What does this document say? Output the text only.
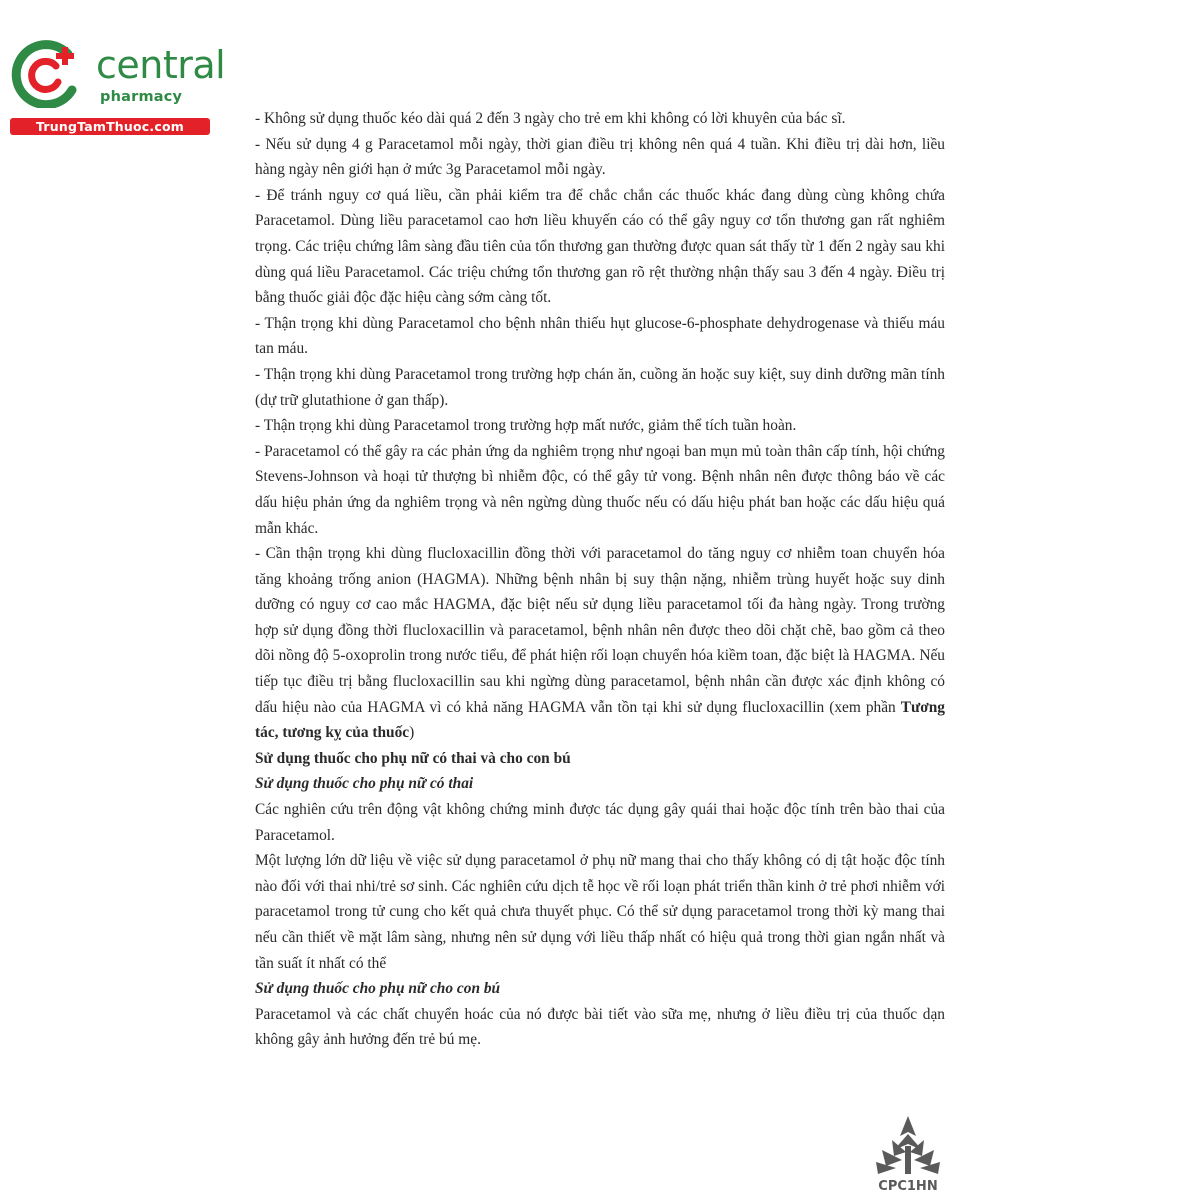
central
pharmacy
TrungTamThuoc.com	- Không sử dụng thuốc kéo dài quá 2 đến 3 ngày cho trẻ em khi không có lời khuyên của bác sĩ.

- Nếu sử dụng 4 g Paracetamol mỗi ngày, thời gian điều trị không nên quá 4 tuần. Khi điều trị dài hơn, liều hàng ngày nên giới hạn ở mức 3g Paracetamol mỗi ngày.

- Để tránh nguy cơ quá liều, cần phải kiểm tra để chắc chắn các thuốc khác đang dùng cùng không chứa Paracetamol. Dùng liều paracetamol cao hơn liều khuyến cáo có thể gây nguy cơ tổn thương gan rất nghiêm trọng. Các triệu chứng lâm sàng đầu tiên của tổn thương gan thường được quan sát thấy từ 1 đến 2 ngày sau khi dùng quá liều Paracetamol. Các triệu chứng tổn thương gan rõ rệt thường nhận thấy sau 3 đến 4 ngày. Điều trị bằng thuốc giải độc đặc hiệu càng sớm càng tốt.

- Thận trọng khi dùng Paracetamol cho bệnh nhân thiếu hụt glucose-6-phosphate dehydrogenase và thiếu máu tan máu.

- Thận trọng khi dùng Paracetamol trong trường hợp chán ăn, cuồng ăn hoặc suy kiệt, suy dinh dưỡng mãn tính (dự trữ glutathione ở gan thấp).

- Thận trọng khi dùng Paracetamol trong trường hợp mất nước, giảm thể tích tuần hoàn.

- Paracetamol có thể gây ra các phản ứng da nghiêm trọng như ngoại ban mụn mủ toàn thân cấp tính, hội chứng Stevens-Johnson và hoại tử thượng bì nhiễm độc, có thể gây tử vong. Bệnh nhân nên được thông báo về các dấu hiệu phản ứng da nghiêm trọng và nên ngừng dùng thuốc nếu có dấu hiệu phát ban hoặc các dấu hiệu quá mẫn khác.

- Cần thận trọng khi dùng flucloxacillin đồng thời với paracetamol do tăng nguy cơ nhiễm toan chuyển hóa tăng khoảng trống anion (HAGMA). Những bệnh nhân bị suy thận nặng, nhiễm trùng huyết hoặc suy dinh dưỡng có nguy cơ cao mắc HAGMA, đặc biệt nếu sử dụng liều paracetamol tối đa hàng ngày. Trong trường hợp sử dụng đồng thời flucloxacillin và paracetamol, bệnh nhân nên được theo dõi chặt chẽ, bao gồm cả theo dõi nồng độ 5-oxoprolin trong nước tiểu, để phát hiện rối loạn chuyển hóa kiềm toan, đặc biệt là HAGMA. Nếu tiếp tục điều trị bằng flucloxacillin sau khi ngừng dùng paracetamol, bệnh nhân cần được xác định không có dấu hiệu nào của HAGMA vì có khả năng HAGMA vẫn tồn tại khi sử dụng flucloxacillin (xem phần Tương tác, tương kỵ của thuốc)

Sử dụng thuốc cho phụ nữ có thai và cho con bú

Sử dụng thuốc cho phụ nữ có thai

Các nghiên cứu trên động vật không chứng minh được tác dụng gây quái thai hoặc độc tính trên bào thai của Paracetamol.

Một lượng lớn dữ liệu về việc sử dụng paracetamol ở phụ nữ mang thai cho thấy không có dị tật hoặc độc tính nào đối với thai nhi/trẻ sơ sinh. Các nghiên cứu dịch tễ học về rối loạn phát triển thần kinh ở trẻ phơi nhiễm với paracetamol trong tử cung cho kết quả chưa thuyết phục. Có thể sử dụng paracetamol trong thời kỳ mang thai nếu cần thiết về mặt lâm sàng, nhưng nên sử dụng với liều thấp nhất có hiệu quả trong thời gian ngắn nhất và tần suất ít nhất có thể

Sử dụng thuốc cho phụ nữ cho con bú

Paracetamol và các chất chuyển hoác của nó được bài tiết vào sữa mẹ, nhưng ở liều điều trị của thuốc dạn không gây ảnh hưởng đến trẻ bú mẹ.

CPC1HN
